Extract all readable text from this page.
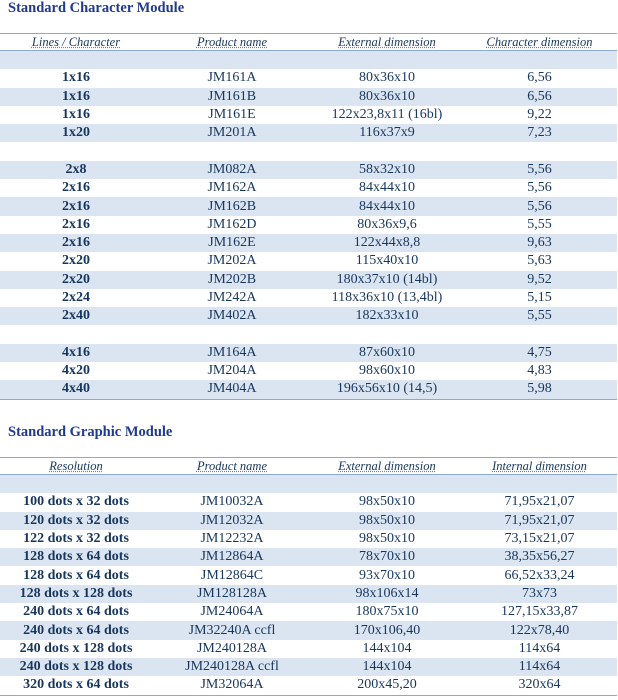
Standard Character Module
Lines / Character	Product name	External dimension	Character dimension

1x16	JM161A	80x36x10	6,56
1x16	JM161B	80x36x10	6,56
1x16	JM161E	122x23,8x11 (16bl)	9,22
1x20	JM201A	116x37x9	7,23

2x8	JM082A	58x32x10	5,56
2x16	JM162A	84x44x10	5,56
2x16	JM162B	84x44x10	5,56
2x16	JM162D	80x36x9,6	5,55
2x16	JM162E	122x44x8,8	9,63
2x20	JM202A	115x40x10	5,63
2x20	JM202B	180x37x10 (14bl)	9,52
2x24	JM242A	118x36x10 (13,4bl)	5,15
2x40	JM402A	182x33x10	5,55

4x16	JM164A	87x60x10	4,75
4x20	JM204A	98x60x10	4,83
4x40	JM404A	196x56x10 (14,5)	5,98
Standard Graphic Module
Resolution	Product name	External dimension	Internal dimension

100 dots x 32 dots	JM10032A	98x50x10	71,95x21,07
120 dots x 32 dots	JM12032A	98x50x10	71,95x21,07
122 dots x 32 dots	JM12232A	98x50x10	73,15x21,07
128 dots x 64 dots	JM12864A	78x70x10	38,35x56,27
128 dots x 64 dots	JM12864C	93x70x10	66,52x33,24
128 dots x 128 dots	JM128128A	98x106x14	73x73
240 dots x 64 dots	JM24064A	180x75x10	127,15x33,87
240 dots x 64 dots	JM32240A ccfl	170x106,40	122x78,40
240 dots x 128 dots	JM240128A	144x104	114x64
240 dots x 128 dots	JM240128A ccfl	144x104	114x64
320 dots x 64 dots	JM32064A	200x45,20	320x64
